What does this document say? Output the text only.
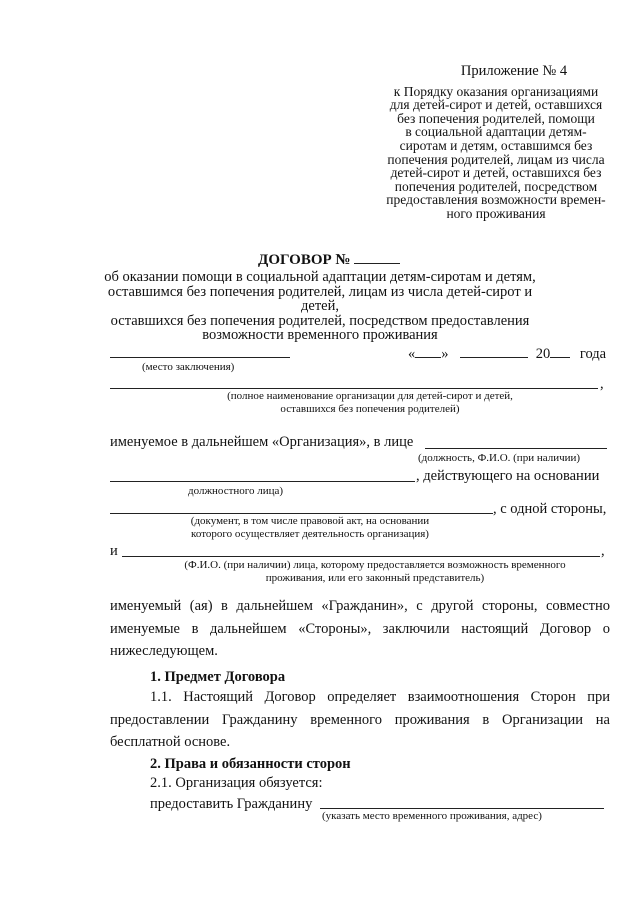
Приложение № 4
к Порядку оказания организациями
для детей-сирот и детей, оставшихся
без попечения родителей, помощи
в социальной адаптации детям-
сиротам и детям, оставшимся без
попечения родителей, лицам из числа
детей-сирот и детей, оставшихся без
попечения родителей, посредством
предоставления возможности времен-
ного проживания
ДОГОВОР №
об оказании помощи в социальной адаптации детям-сиротам и детям,
оставшимся без попечения родителей, лицам из числа детей-сирот и детей,
оставшихся без попечения родителей, посредством предоставления
возможности временного проживания
(место заключения)
« »	20 года
,
(полное наименование организации для детей-сирот и детей,
оставшихся без попечения родителей)
именуемое в дальнейшем «Организация», в лице
(должность, Ф.И.О. (при наличии)
, действующего на основании
должностного лица)
, с одной стороны,
(документ, в том числе правовой акт, на основании
которого осуществляет деятельность организация)
и	,
(Ф.И.О. (при наличии) лица, которому предоставляется возможность временного
проживания, или его законный представитель)
именуемый (ая) в дальнейшем «Гражданин», с другой стороны, совместно именуемые в дальнейшем «Стороны», заключили настоящий Договор о нижеследующем.
1. Предмет Договора
1.1. Настоящий Договор определяет взаимоотношения Сторон при предоставлении Гражданину временного проживания в Организации на бесплатной основе.
2. Права и обязанности сторон
2.1. Организация обязуется:
предоставить Гражданину
(указать место временного проживания, адрес)
